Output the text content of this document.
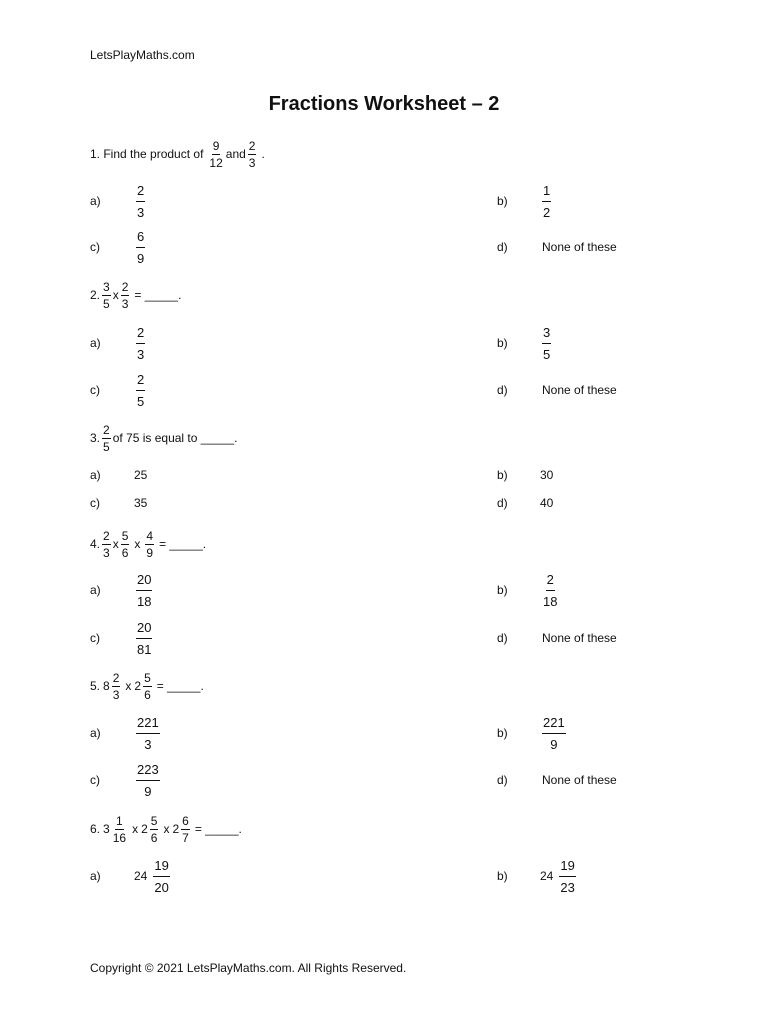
LetsPlayMaths.com
Fractions Worksheet – 2
1. Find the product of $\frac{9}{12}$ and $\frac{2}{3}$ .
a)	$\frac{2}{3}$	b)	$\frac{1}{2}$
c)	$\frac{6}{9}$	d)	None of these
2. $\frac{3}{5}$ x $\frac{2}{3}$ = _____.
a)	$\frac{2}{3}$	b)	$\frac{3}{5}$
c)	$\frac{2}{5}$	d)	None of these
3. $\frac{2}{5}$ of 75 is equal to _____.
a)	25	b)	30
c)	35	d)	40
4. $\frac{2}{3}$ x $\frac{5}{6}$ x $\frac{4}{9}$ = _____.
a)	$\frac{20}{18}$	b)	$\frac{2}{18}$
c)	$\frac{20}{81}$	d)	None of these
5. $8 \frac{2}{3}$ x $2 \frac{5}{6}$ = _____.
a)	$\frac{221}{3}$	b)	$\frac{221}{9}$
c)	$\frac{223}{9}$	d)	None of these
6. $3 \frac{1}{16}$ x $2 \frac{5}{6}$ x $2 \frac{6}{7}$ = _____.
a)	$24 \frac{19}{20}$	b)	$24 \frac{19}{23}$
Copyright © 2021 LetsPlayMaths.com. All Rights Reserved.
